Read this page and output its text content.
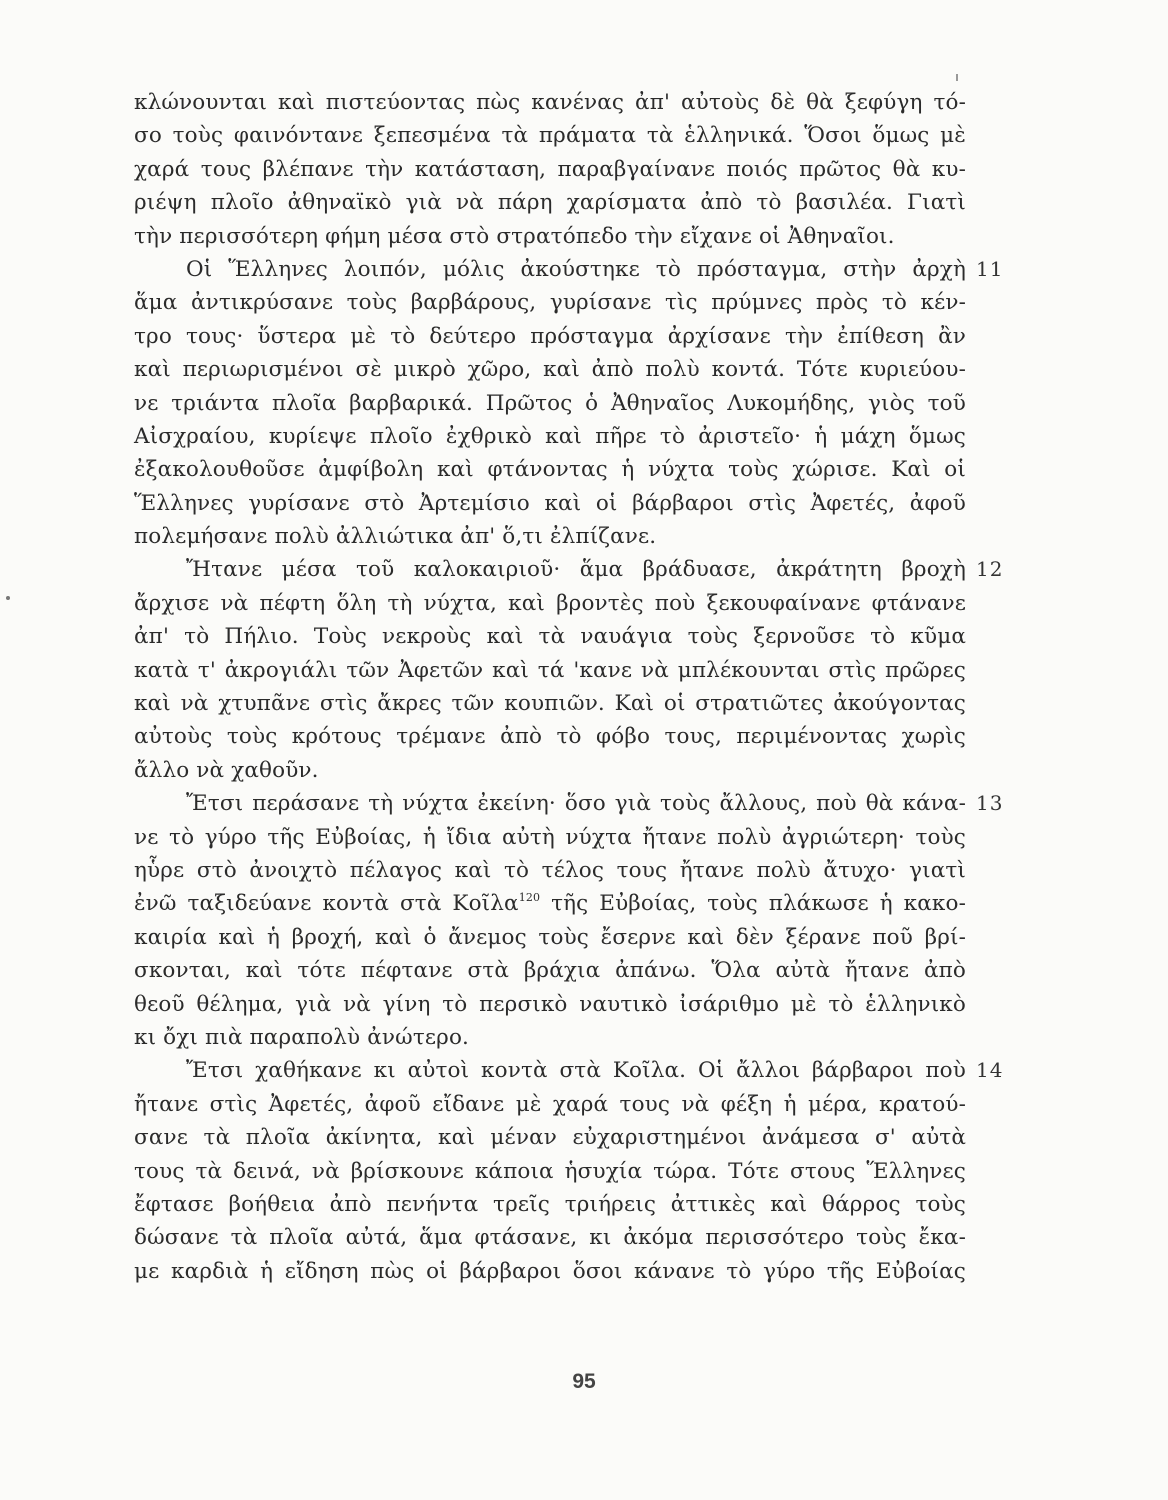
κλώνουνται καὶ πιστεύοντας πὼς κανένας ἀπ' αὐτοὺς δὲ θὰ ξεφύγη τό-
σο τοὺς φαινόντανε ξεπεσμένα τὰ πράματα τὰ ἑλληνικά. Ὅσοι ὅμως μὲ
χαρά τους βλέπανε τὴν κατάσταση, παραβγαίνανε ποιός πρῶτος θὰ κυ-
ριέψη πλοῖο ἀθηναϊκὸ γιὰ νὰ πάρη χαρίσματα ἀπὸ τὸ βασιλέα. Γιατὶ
τὴν περισσότερη φήμη μέσα στὸ στρατόπεδο τὴν εἴχανε οἱ Ἀθηναῖοι.
Οἱ Ἕλληνες λοιπόν, μόλις ἀκούστηκε τὸ πρόσταγμα, στὴν ἀρχὴ 11
ἅμα ἀντικρύσανε τοὺς βαρβάρους, γυρίσανε τὶς πρύμνες πρὸς τὸ κέν-
τρο τους· ὕστερα μὲ τὸ δεύτερο πρόσταγμα ἀρχίσανε τὴν ἐπίθεση ἂν
καὶ περιωρισμένοι σὲ μικρὸ χῶρο, καὶ ἀπὸ πολὺ κοντά. Τότε κυριεύου-
νε τριάντα πλοῖα βαρβαρικά. Πρῶτος ὁ Ἀθηναῖος Λυκομήδης, γιὸς τοῦ
Αἰσχραίου, κυρίεψε πλοῖο ἐχθρικὸ καὶ πῆρε τὸ ἀριστεῖο· ἡ μάχη ὅμως
ἐξακολουθοῦσε ἀμφίβολη καὶ φτάνοντας ἡ νύχτα τοὺς χώρισε. Καὶ οἱ
Ἕλληνες γυρίσανε στὸ Ἀρτεμίσιο καὶ οἱ βάρβαροι στὶς Ἀφετές, ἀφοῦ
πολεμήσανε πολὺ ἀλλιώτικα ἀπ' ὅ,τι ἐλπίζανε.
Ἤτανε μέσα τοῦ καλοκαιριοῦ· ἅμα βράδυασε, ἀκράτητη βροχὴ 12
ἄρχισε νὰ πέφτη ὅλη τὴ νύχτα, καὶ βροντὲς ποὺ ξεκουφαίνανε φτάνανε
ἀπ' τὸ Πήλιο. Τοὺς νεκροὺς καὶ τὰ ναυάγια τοὺς ξερνοῦσε τὸ κῦμα
κατὰ τ' ἀκρογιάλι τῶν Ἀφετῶν καὶ τά 'κανε νὰ μπλέκουνται στὶς πρῶρες
καὶ νὰ χτυπᾶνε στὶς ἄκρες τῶν κουπιῶν. Καὶ οἱ στρατιῶτες ἀκούγοντας
αὐτοὺς τοὺς κρότους τρέμανε ἀπὸ τὸ φόβο τους, περιμένοντας χωρὶς
ἄλλο νὰ χαθοῦν.
Ἔτσι περάσανε τὴ νύχτα ἐκείνη· ὅσο γιὰ τοὺς ἄλλους, ποὺ θὰ κάνα- 13
νε τὸ γύρο τῆς Εὐβοίας, ἡ ἴδια αὐτὴ νύχτα ἤτανε πολὺ ἀγριώτερη· τοὺς
ηὗρε στὸ ἀνοιχτὸ πέλαγος καὶ τὸ τέλος τους ἤτανε πολὺ ἄτυχο· γιατὶ
ἐνῶ ταξιδεύανε κοντὰ στὰ Κοῖλα$^{120}$ τῆς Εὐβοίας, τοὺς πλάκωσε ἡ κακο-
καιρία καὶ ἡ βροχή, καὶ ὁ ἄνεμος τοὺς ἔσερνε καὶ δὲν ξέρανε ποῦ βρί-
σκονται, καὶ τότε πέφτανε στὰ βράχια ἀπάνω. Ὅλα αὐτὰ ἤτανε ἀπὸ
θεοῦ θέλημα, γιὰ νὰ γίνη τὸ περσικὸ ναυτικὸ ἰσάριθμο μὲ τὸ ἑλληνικὸ
κι ὄχι πιὰ παραπολὺ ἀνώτερο.
Ἔτσι χαθήκανε κι αὐτοὶ κοντὰ στὰ Κοῖλα. Οἱ ἄλλοι βάρβαροι ποὺ 14
ἤτανε στὶς Ἀφετές, ἀφοῦ εἴδανε μὲ χαρά τους νὰ φέξη ἡ μέρα, κρατού-
σανε τὰ πλοῖα ἀκίνητα, καὶ μέναν εὐχαριστημένοι ἀνάμεσα σ' αὐτὰ
τους τὰ δεινά, νὰ βρίσκουνε κάποια ἡσυχία τώρα. Τότε στους Ἕλληνες
ἔφτασε βοήθεια ἀπὸ πενήντα τρεῖς τριήρεις ἀττικὲς καὶ θάρρος τοὺς
δώσανε τὰ πλοῖα αὐτά, ἅμα φτάσανε, κι ἀκόμα περισσότερο τοὺς ἔκα-
με καρδιὰ ἡ εἴδηση πὼς οἱ βάρβαροι ὅσοι κάνανε τὸ γύρο τῆς Εὐβοίας
95
